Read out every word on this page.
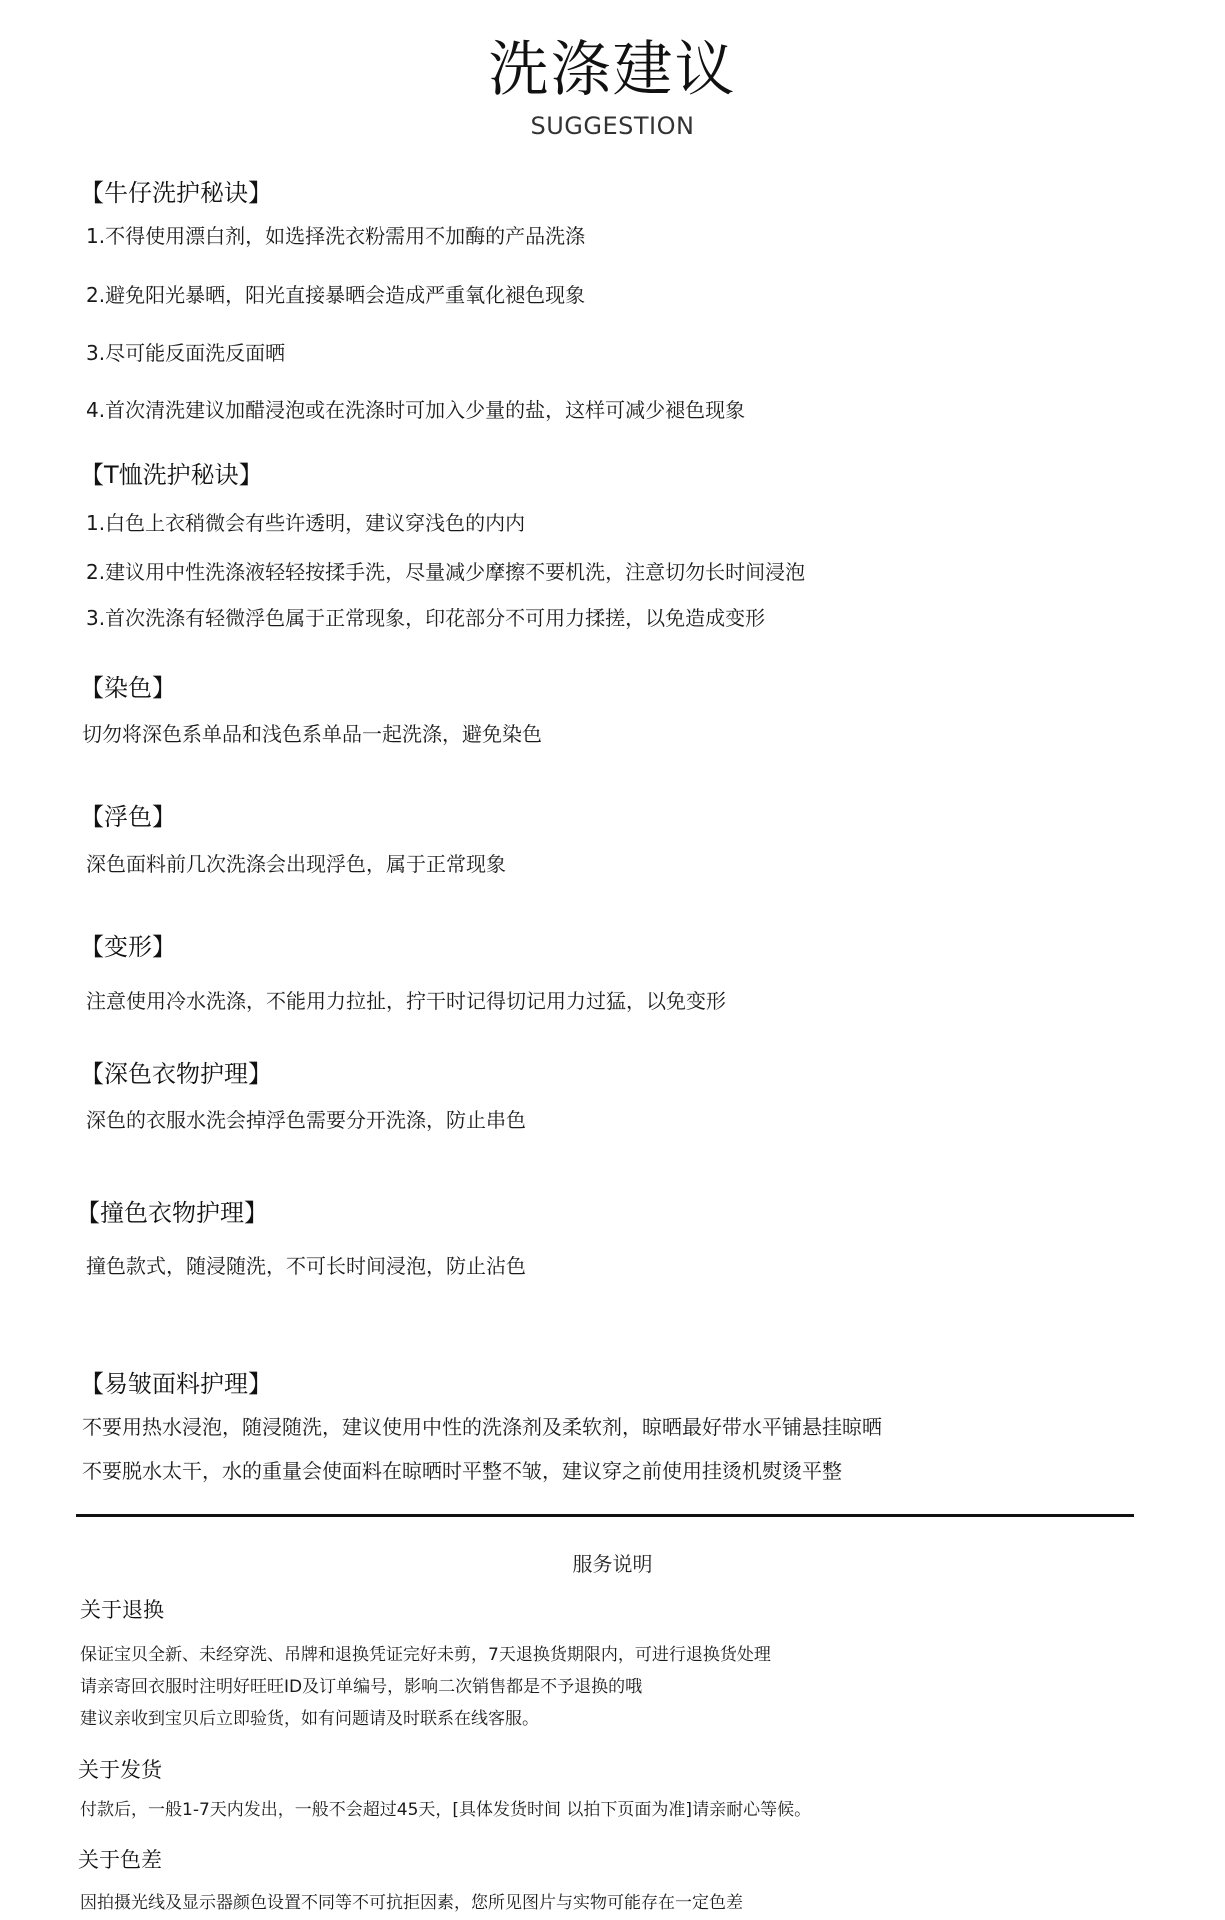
洗涤建议
SUGGESTION
【牛仔洗护秘诀】
1.不得使用漂白剂，如选择洗衣粉需用不加酶的产品洗涤
2.避免阳光暴晒，阳光直接暴晒会造成严重氧化褪色现象
3.尽可能反面洗反面晒
4.首次清洗建议加醋浸泡或在洗涤时可加入少量的盐，这样可减少褪色现象
【T恤洗护秘诀】
1.白色上衣稍微会有些许透明，建议穿浅色的内内
2.建议用中性洗涤液轻轻按揉手洗，尽量减少摩擦不要机洗，注意切勿长时间浸泡
3.首次洗涤有轻微浮色属于正常现象，印花部分不可用力揉搓，以免造成变形
【染色】
切勿将深色系单品和浅色系单品一起洗涤，避免染色
【浮色】
深色面料前几次洗涤会出现浮色，属于正常现象
【变形】
注意使用冷水洗涤，不能用力拉扯，拧干时记得切记用力过猛，以免变形
【深色衣物护理】
深色的衣服水洗会掉浮色需要分开洗涤，防止串色
【撞色衣物护理】
撞色款式，随浸随洗，不可长时间浸泡，防止沾色
【易皱面料护理】
不要用热水浸泡，随浸随洗，建议使用中性的洗涤剂及柔软剂，晾晒最好带水平铺悬挂晾晒
不要脱水太干，水的重量会使面料在晾晒时平整不皱，建议穿之前使用挂烫机熨烫平整
服务说明
关于退换
保证宝贝全新、未经穿洗、吊牌和退换凭证完好未剪，7天退换货期限内，可进行退换货处理
请亲寄回衣服时注明好旺旺ID及订单编号，影响二次销售都是不予退换的哦
建议亲收到宝贝后立即验货，如有问题请及时联系在线客服。
关于发货
付款后，一般1-7天内发出，一般不会超过45天，[具体发货时间 以拍下页面为准]请亲耐心等候。
关于色差
因拍摄光线及显示器颜色设置不同等不可抗拒因素，您所见图片与实物可能存在一定色差
